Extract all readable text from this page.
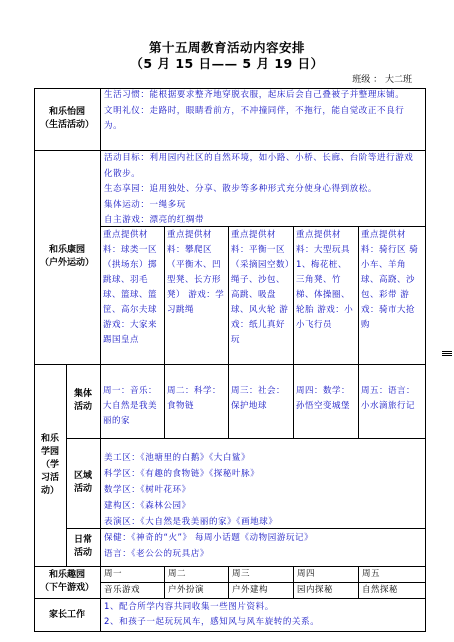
第十五周教育活动内容安排
（5 月 15 日—— 5 月 19 日）
班级 ： 大二班
和乐怡园
（生活活动）
生活习惯：能根据要求整齐地穿脱衣服，起床后会自己叠被子并整理床铺。
文明礼仪：走路时，眼睛看前方，不冲撞同伴，不拖行，能自觉改正不良行为。
和乐康园
（户外运动）
活动目标：利用园内社区的自然环境，如小路、小桥、长廊、台阶等进行游戏化散步。
生态享园：追用独处、分享、散步等多种形式充分使身心得到放松。
集体运动：一绳多玩
自主游戏：漂亮的红绸带
重点提供材料：球类一区（拱场东）掷跳球、羽毛球、篮球、篮筐、高尔夫球 游戏：大家来踢国皇点
重点提供材料：攀爬区（平衡木、凹型凳、长方形凳） 游戏：学习跳绳
重点提供材料：平衡一区（采摘园空数）绳子、沙包、高跳、吸盘球、风火轮 游戏：纸儿真好玩
重点提供材料：大型玩具1、梅花桩、三角凳、竹梯、体操圈、轮胎 游戏：小小飞行员
重点提供材料：骑行区 骑小车、羊角球、高跷、沙包、彩带 游戏：骑市大抢购
和乐
学园
（学
习活
动）
集体
活动
周一：音乐：大自然是我美丽的家
周二：科学：食物链
周三：社会：保护地球
周四：数学：孙悟空变城堡
周五：语言：小水滴旅行记
区域
活动
美工区：《池塘里的白鹅》《大白鲨》
科学区：《有趣的食物链》《探秘叶脉》
数学区：《树叶花环》
建构区：《森林公园》
表演区：《大自然是我美丽的家》《画地球》
日常
活动
保健：《神奇的“火”》 每周小话题《动物园游玩记》
语言：《老公公的玩具店》
和乐趣园
（下午游戏）
周一
音乐游戏
周二
户外扮演
周三
户外建构
周四
园内探秘
周五
自然探秘
家长工作
1、配合所学内容共同收集一些图片资料。
2、和孩子一起玩玩风车，感知风与风车旋转的关系。
